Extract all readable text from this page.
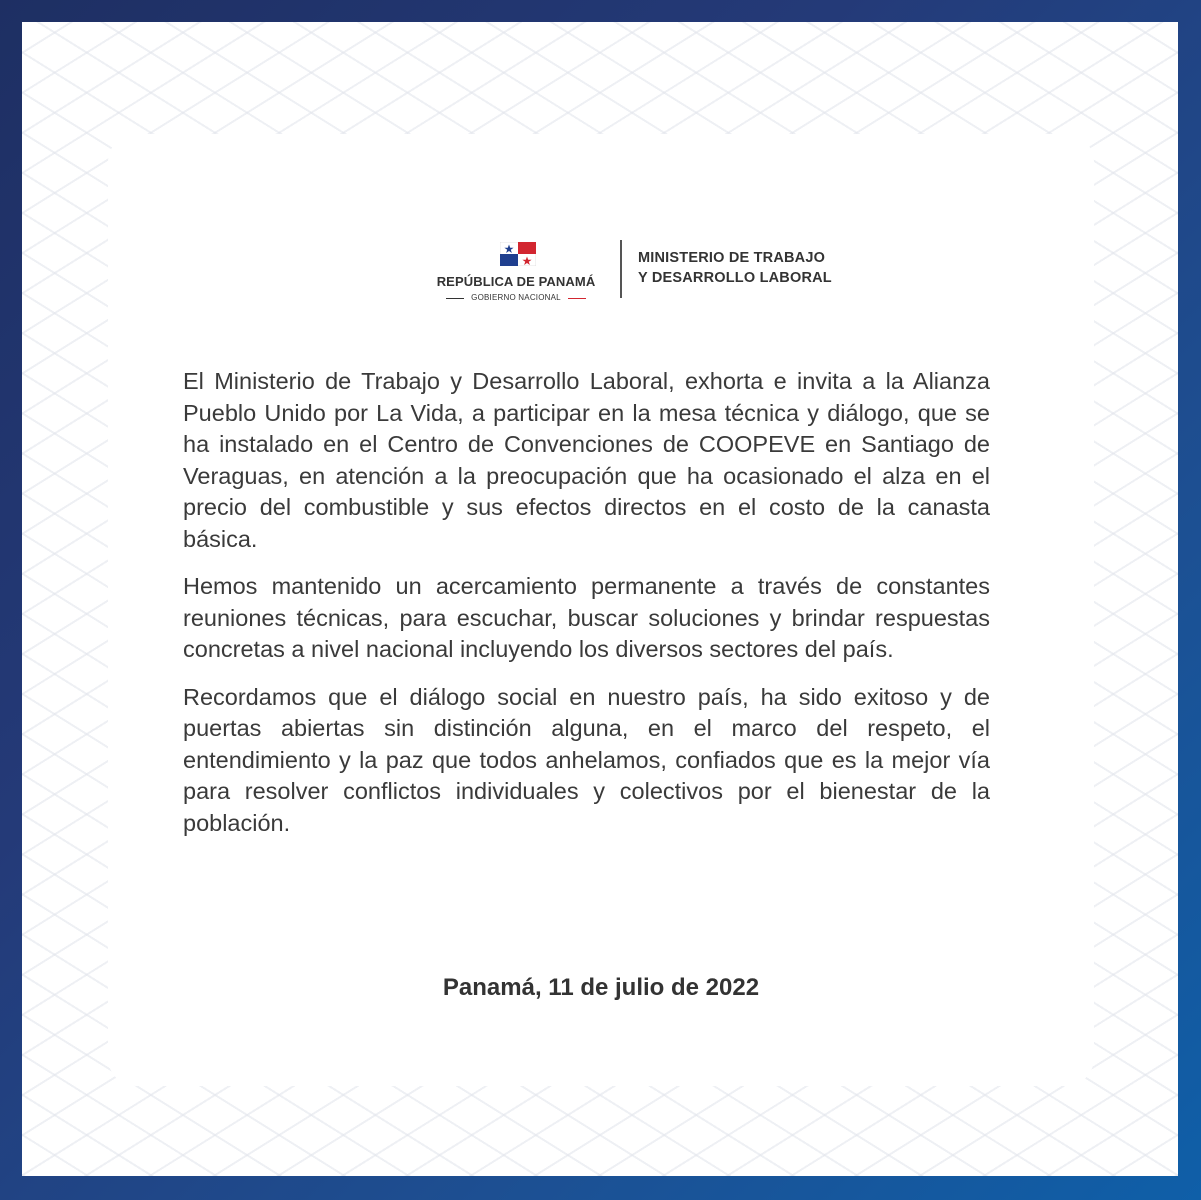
REPÚBLICA DE PANAMÁ
GOBIERNO NACIONAL
MINISTERIO DE TRABAJO
Y DESARROLLO LABORAL

El Ministerio de Trabajo y Desarrollo Laboral, exhorta e invita a la Alianza Pueblo Unido por La Vida, a participar en la mesa técnica y diálogo, que se ha instalado en el Centro de Convenciones de COOPEVE en Santiago de Veraguas, en atención a la preocupación que ha ocasionado el alza en el precio del combustible y sus efectos directos en el costo de la canasta básica.

Hemos mantenido un acercamiento permanente a través de constantes reuniones técnicas, para escuchar, buscar soluciones y brindar respuestas concretas a nivel nacional incluyendo los diversos sectores del país.

Recordamos que el diálogo social en nuestro país, ha sido exitoso y de puertas abiertas sin distinción alguna, en el marco del respeto, el entendimiento y la paz que todos anhelamos, confiados que es la mejor vía para resolver conflictos individuales y colectivos por el bienestar de la población.

Panamá, 11 de julio de 2022
